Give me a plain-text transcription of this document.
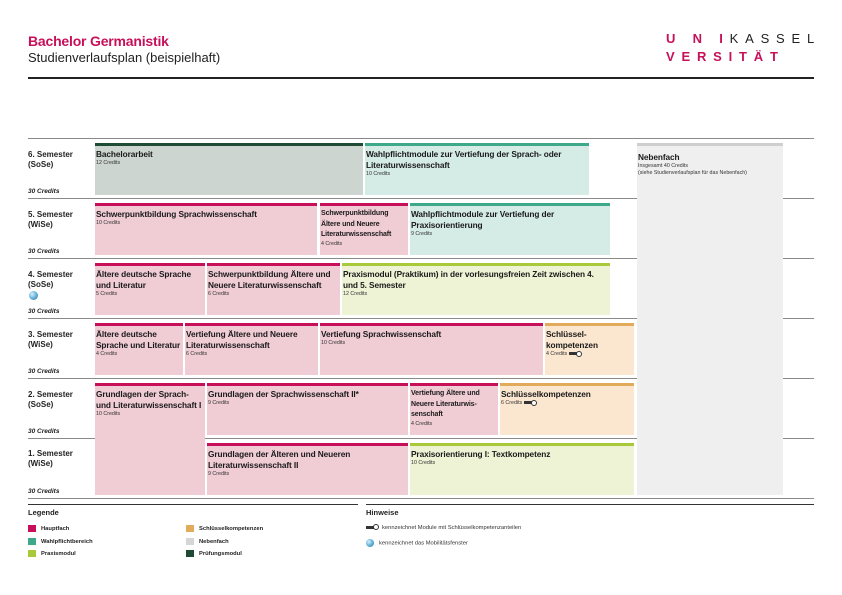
Bachelor Germanistik
Studienverlaufsplan (beispielhaft)
U N IKASSEL
VERSITÄT
6. Semester
(SoSe)
30 Credits
5. Semester
(WiSe)
30 Credits
4. Semester
(SoSe)
30 Credits
3. Semester
(WiSe)
30 Credits
2. Semester
(SoSe)
30 Credits
1. Semester
(WiSe)
30 Credits
Bachelorarbeit
12 Credits
Wahlpflichtmodule zur Vertiefung der Sprach- oder Literaturwissenschaft
10 Credits
Nebenfach
Insgesamt 40 Credits
(siehe Studienverlaufsplan für das Nebenfach)
Schwerpunktbildung Sprachwissenschaft
10 Credits
Schwerpunktbildung Ältere und Neuere Literaturwissenschaft
4 Credits
Wahlpflichtmodule zur Vertiefung der Praxisorientierung
9 Credits
Ältere deutsche Sprache und Literatur
5 Credits
Schwerpunktbildung Ältere und Neuere Literaturwissenschaft
6 Credits
Praxismodul (Praktikum) in der vorlesungsfreien Zeit zwischen 4. und 5. Semester
12 Credits
Ältere deutsche Sprache und Literatur
4 Credits
Vertiefung Ältere und Neuere Literaturwissenschaft
6 Credits
Vertiefung Sprachwissenschaft
10 Credits
Schlüssel-kompetenzen
4 Credits
Grundlagen der Sprach- und Literaturwissenschaft I
10 Credits
Grundlagen der Sprachwissenschaft II*
9 Credits
Vertiefung Ältere und Neuere Literaturwis-senschaft
4 Credits
Schlüsselkompetenzen
6 Credits
Grundlagen der Älteren und Neueren Literaturwissenschaft II
9 Credits
Praxisorientierung I: Textkompetenz
10 Credits
Legende
Hauptfach
Wahlpflichtbereich
Praxismodul
Schlüsselkompetenzen
Nebenfach
Prüfungsmodul
Hinweise
kennzeichnet Module mit Schlüsselkompetenzanteilen
kennzeichnet das Mobilitätsfenster
